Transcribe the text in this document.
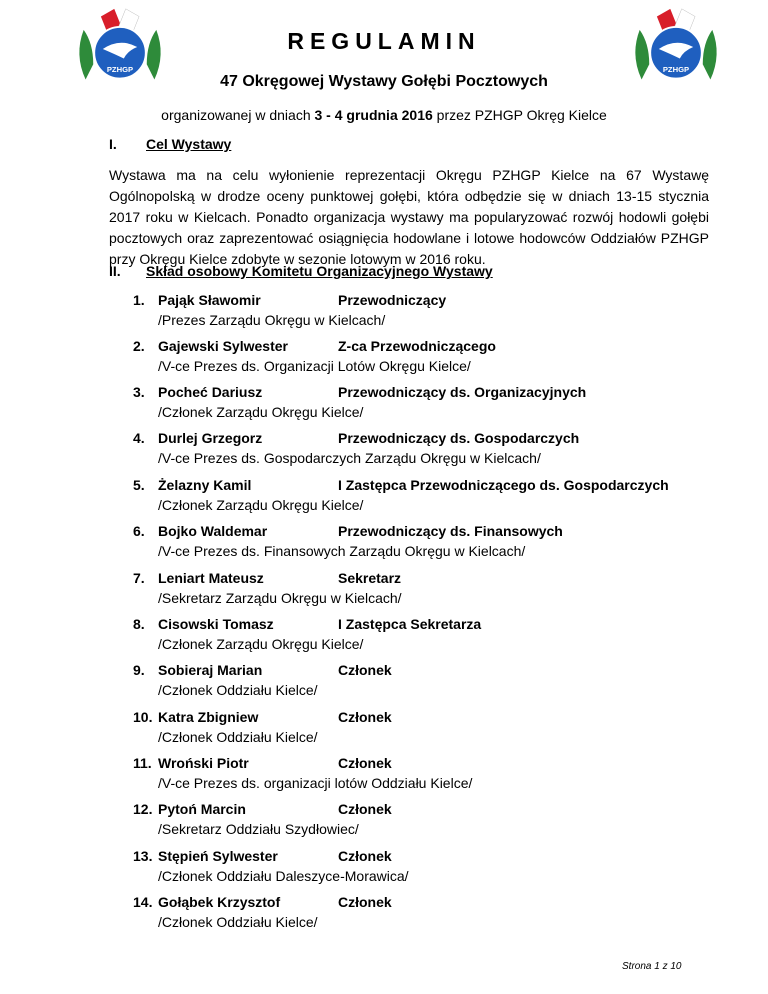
PZHGP	PZHGP
REGULAMIN
47 Okręgowej Wystawy Gołębi Pocztowych
organizowanej w dniach 3 - 4 grudnia 2016 przez PZHGP Okręg Kielce
I. Cel Wystawy
Wystawa ma na celu wyłonienie reprezentacji Okręgu PZHGP Kielce na 67 Wystawę Ogólnopolską w drodze oceny punktowej gołębi, która odbędzie się w dniach 13-15 stycznia 2017 roku w Kielcach. Ponadto organizacja wystawy ma popularyzować rozwój hodowli gołębi pocztowych oraz zaprezentować osiągnięcia hodowlane i lotowe hodowców Oddziałów PZHGP przy Okręgu Kielce zdobyte w sezonie lotowym w 2016 roku.
II. Skład osobowy Komitetu Organizacyjnego Wystawy
1. Pająk Sławomir	Przewodniczący
/Prezes Zarządu Okręgu w Kielcach/
2. Gajewski Sylwester	Z-ca Przewodniczącego
/V-ce Prezes ds. Organizacji Lotów Okręgu Kielce/
3. Pocheć Dariusz	Przewodniczący ds. Organizacyjnych
/Członek Zarządu Okręgu Kielce/
4. Durlej Grzegorz	Przewodniczący ds. Gospodarczych
/V-ce Prezes ds. Gospodarczych Zarządu Okręgu w Kielcach/
5. Żelazny Kamil	I Zastępca Przewodniczącego ds. Gospodarczych
/Członek Zarządu Okręgu Kielce/
6. Bojko Waldemar	Przewodniczący ds. Finansowych
/V-ce Prezes ds. Finansowych Zarządu Okręgu w Kielcach/
7. Leniart Mateusz	Sekretarz
/Sekretarz Zarządu Okręgu w Kielcach/
8. Cisowski Tomasz	I Zastępca Sekretarza
/Członek Zarządu Okręgu Kielce/
9. Sobieraj Marian	Członek
/Członek Oddziału Kielce/
10. Katra Zbigniew	Członek
/Członek Oddziału Kielce/
11. Wroński Piotr	Członek
/V-ce Prezes ds. organizacji lotów Oddziału Kielce/
12. Pytoń Marcin	Członek
/Sekretarz Oddziału Szydłowiec/
13. Stępień Sylwester	Członek
/Członek Oddziału Daleszyce-Morawica/
14. Gołąbek Krzysztof	Członek
/Członek Oddziału Kielce/
Strona 1 z 10
